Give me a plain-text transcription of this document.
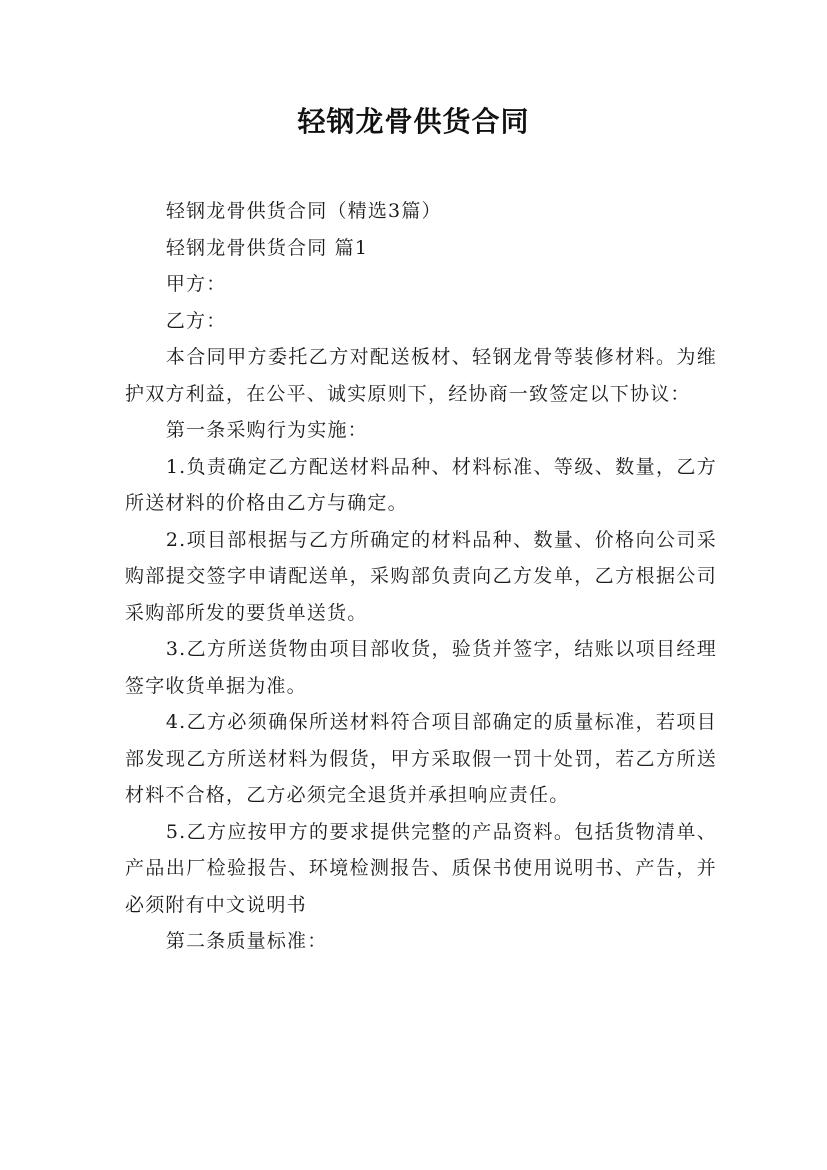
轻钢龙骨供货合同

轻钢龙骨供货合同（精选3篇）

轻钢龙骨供货合同 篇1

甲方：

乙方：

本合同甲方委托乙方对配送板材、轻钢龙骨等装修材料。为维护双方利益，在公平、诚实原则下，经协商一致签定以下协议：

第一条采购行为实施：

1.负责确定乙方配送材料品种、材料标准、等级、数量，乙方所送材料的价格由乙方与确定。

2.项目部根据与乙方所确定的材料品种、数量、价格向公司采购部提交签字申请配送单，采购部负责向乙方发单，乙方根据公司采购部所发的要货单送货。

3.乙方所送货物由项目部收货，验货并签字，结账以项目经理签字收货单据为准。

4.乙方必须确保所送材料符合项目部确定的质量标准，若项目部发现乙方所送材料为假货，甲方采取假一罚十处罚，若乙方所送材料不合格，乙方必须完全退货并承担响应责任。

5.乙方应按甲方的要求提供完整的产品资料。包括货物清单、产品出厂检验报告、环境检测报告、质保书使用说明书、产告，并必须附有中文说明书

第二条质量标准：
